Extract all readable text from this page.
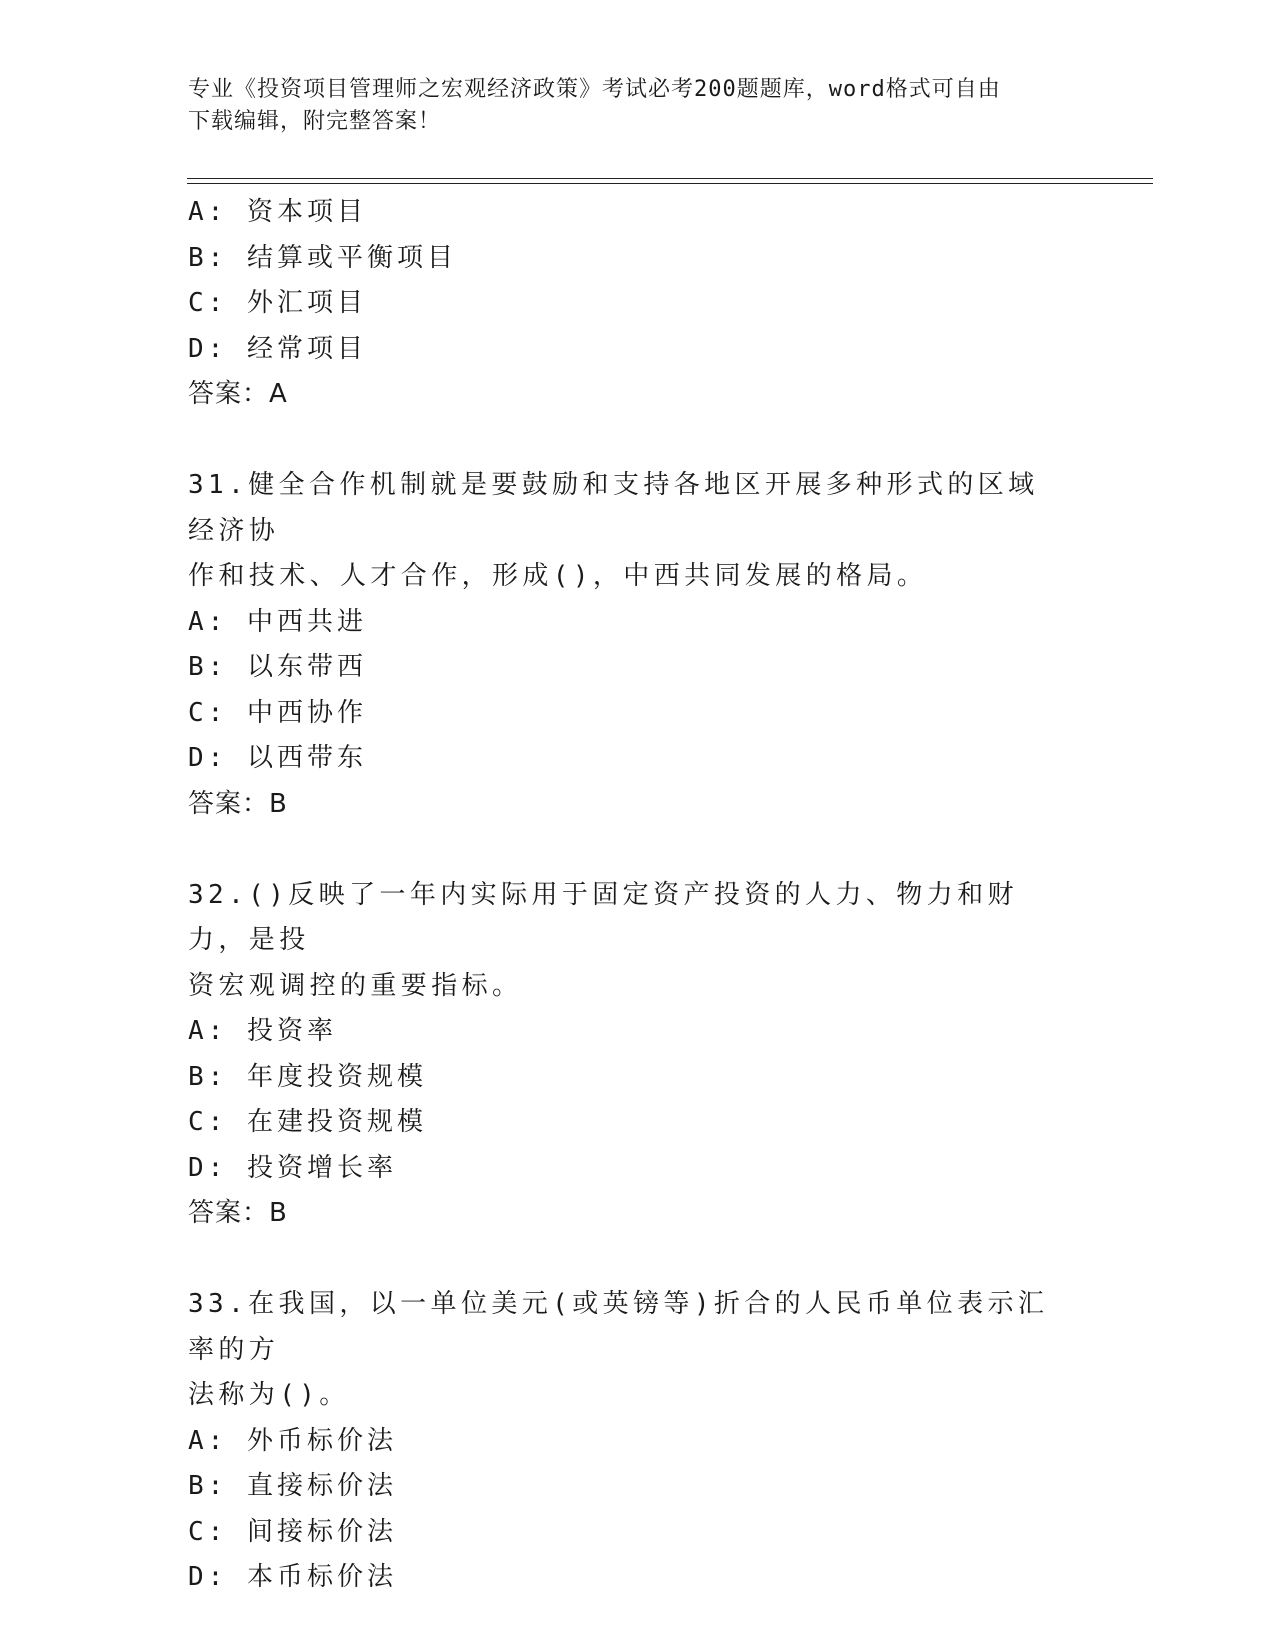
专业《投资项目管理师之宏观经济政策》考试必考200题题库，word格式可自由
下载编辑，附完整答案！
A: 资本项目
B: 结算或平衡项目
C: 外汇项目
D: 经常项目
答案：A
31.健全合作机制就是要鼓励和支持各地区开展多种形式的区域经济协
作和技术、人才合作，形成()，中西共同发展的格局。
A: 中西共进
B: 以东带西
C: 中西协作
D: 以西带东
答案：B
32.()反映了一年内实际用于固定资产投资的人力、物力和财力，是投
资宏观调控的重要指标。
A: 投资率
B: 年度投资规模
C: 在建投资规模
D: 投资增长率
答案：B
33.在我国，以一单位美元(或英镑等)折合的人民币单位表示汇率的方
法称为()。
A: 外币标价法
B: 直接标价法
C: 间接标价法
D: 本币标价法
